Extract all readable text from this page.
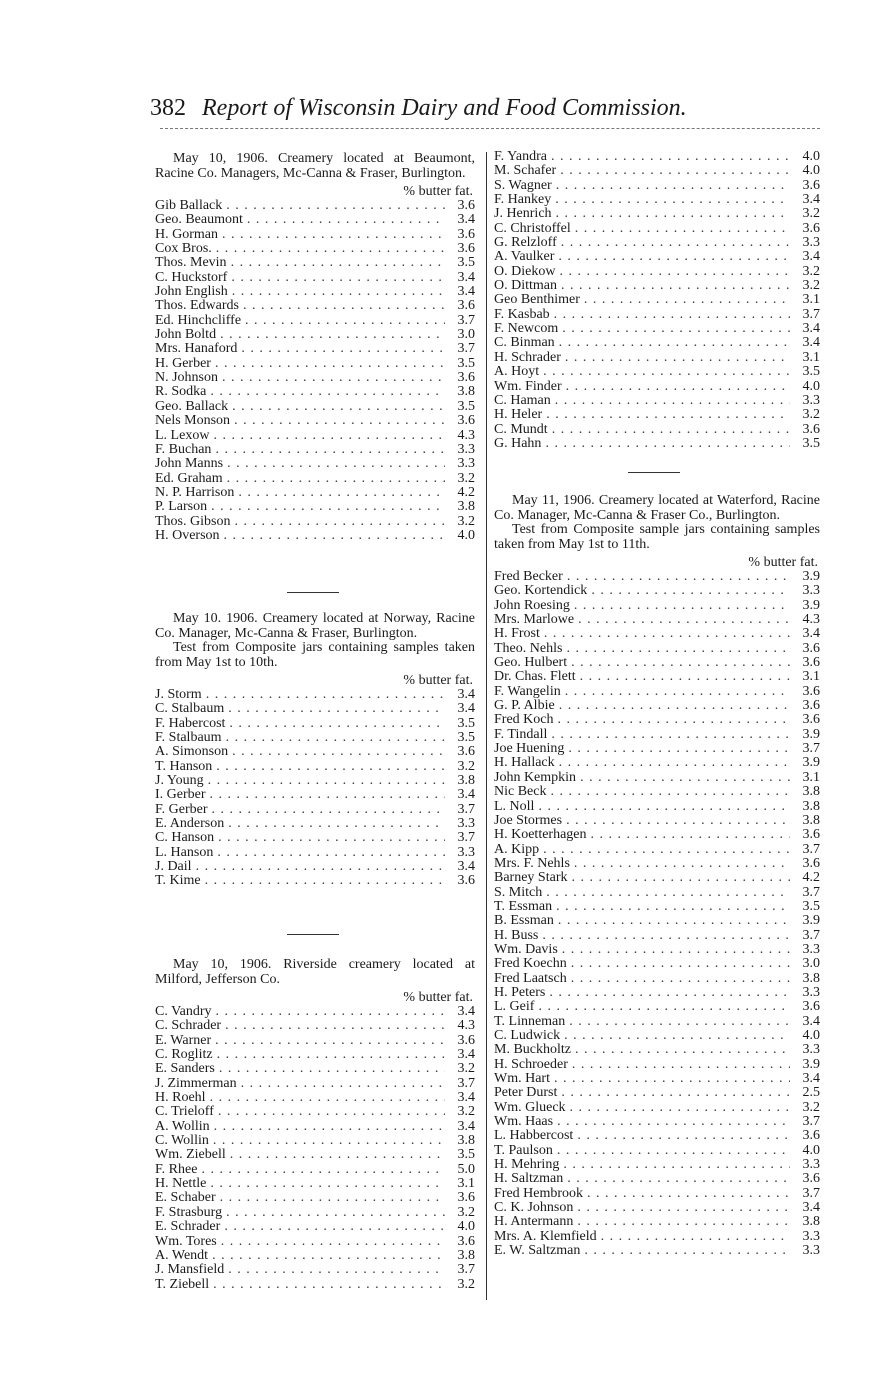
382 Report of Wisconsin Dairy and Food Commission.

May 10, 1906. Creamery located at Beaumont, Racine Co. Managers, Mc-Canna & Fraser, Burlington.

% butter fat.
Gib Ballack . . .	3.6
Geo. Beaumont . . .	3.4
H. Gorman . . .	3.6
Cox Bros. . . .	3.6
Thos. Mevin . . .	3.5
C. Huckstorf . . .	3.4
John English . . .	3.4
Thos. Edwards . . .	3.6
Ed. Hinchcliffe . . .	3.7
John Boltd . . .	3.0
Mrs. Hanaford . . .	3.7
H. Gerber . . .	3.5
N. Johnson . . .	3.6
R. Sodka . . .	3.8
Geo. Ballack . . .	3.5
Nels Monson . . .	3.6
L. Lexow . . .	4.3
F. Buchan . . .	3.3
John Manns . . .	3.3
Ed. Graham . . .	3.2
N. P. Harrison . . .	4.2
P. Larson . . .	3.8
Thos. Gibson . . .	3.2
H. Overson . . .	4.0

May 10. 1906. Creamery located at Norway, Racine Co. Manager, Mc-Canna & Fraser, Burlington.

Test from Composite jars containing samples taken from May 1st to 10th.

% butter fat.
J. Storm . . .	3.4
C. Stalbaum . . .	3.4
F. Habercost . . .	3.5
F. Stalbaum . . .	3.5
A. Simonson . . .	3.6
T. Hanson . . .	3.2
J. Young . . .	3.8
I. Gerber . . .	3.4
F. Gerber . . .	3.7
E. Anderson . . .	3.3
C. Hanson . . .	3.7
L. Hanson . . .	3.3
J. Dail . . .	3.4
T. Kime . . .	3.6

May 10, 1906. Riverside creamery located at Milford, Jefferson Co.

% butter fat.
C. Vandry . . .	3.4
C. Schrader . . .	4.3
E. Warner . . .	3.6
C. Roglitz . . .	3.4
E. Sanders . . .	3.2
J. Zimmerman . . .	3.7
H. Roehl . . .	3.4
C. Trieloff . . .	3.2
A. Wollin . . .	3.4
C. Wollin . . .	3.8
Wm. Ziebell . . .	3.5
F. Rhee . . .	5.0
H. Nettle . . .	3.1
E. Schaber . . .	3.6
F. Strasburg . . .	3.2
E. Schrader . . .	4.0
Wm. Tores . . .	3.6
A. Wendt . . .	3.8
J. Mansfield . . .	3.7
T. Ziebell . . .	3.2
F. Yandra . . .	4.0
M. Schafer . . .	4.0
S. Wagner . . .	3.6
F. Hankey . . .	3.4
J. Henrich . . .	3.2
C. Christoffel . . .	3.6
G. Relzloff . . .	3.3
A. Vaulker . . .	3.4
O. Diekow . . .	3.2
O. Dittman . . .	3.2
Geo Benthimer . . .	3.1
F. Kasbab . . .	3.7
F. Newcom . . .	3.4
C. Binman . . .	3.4
H. Schrader . . .	3.1
A. Hoyt . . .	3.5
Wm. Finder . . .	4.0
C. Haman . . .	3.3
H. Heler . . .	3.2
C. Mundt . . .	3.6
G. Hahn . . .	3.5

May 11, 1906. Creamery located at Waterford, Racine Co. Manager, Mc-Canna & Fraser Co., Burlington.

Test from Composite sample jars containing samples taken from May 1st to 11th.

% butter fat.
Fred Becker . . .	3.9
Geo. Kortendick . . .	3.3
John Roesing . . .	3.9
Mrs. Marlowe . . .	4.3
H. Frost . . .	3.4
Theo. Nehls . . .	3.6
Geo. Hulbert . . .	3.6
Dr. Chas. Flett . . .	3.1
F. Wangelin . . .	3.6
G. P. Albie . . .	3.6
Fred Koch . . .	3.6
F. Tindall . . .	3.9
Joe Huening . . .	3.7
H. Hallack . . .	3.9
John Kempkin . . .	3.1
Nic Beck . . .	3.8
L. Noll . . .	3.8
Joe Stormes . . .	3.8
H. Koetterhagen . . .	3.6
A. Kipp . . .	3.7
Mrs. F. Nehls . . .	3.6
Barney Stark . . .	4.2
S. Mitch . . .	3.7
T. Essman . . .	3.5
B. Essman . . .	3.9
H. Buss . . .	3.7
Wm. Davis . . .	3.3
Fred Koechn . . .	3.0
Fred Laatsch . . .	3.8
H. Peters . . .	3.3
L. Geif . . .	3.6
T. Linneman . . .	3.4
C. Ludwick . . .	4.0
M. Buckholtz . . .	3.3
H. Schroeder . . .	3.9
Wm. Hart . . .	3.4
Peter Durst . . .	2.5
Wm. Glueck . . .	3.2
Wm. Haas . . .	3.7
L. Habbercost . . .	3.6
T. Paulson . . .	4.0
H. Mehring . . .	3.3
H. Saltzman . . .	3.6
Fred Hembrook . . .	3.7
C. K. Johnson . . .	3.4
H. Antermann . . .	3.8
Mrs. A. Klemfield . . .	3.3
E. W. Saltzman . . .	3.3
